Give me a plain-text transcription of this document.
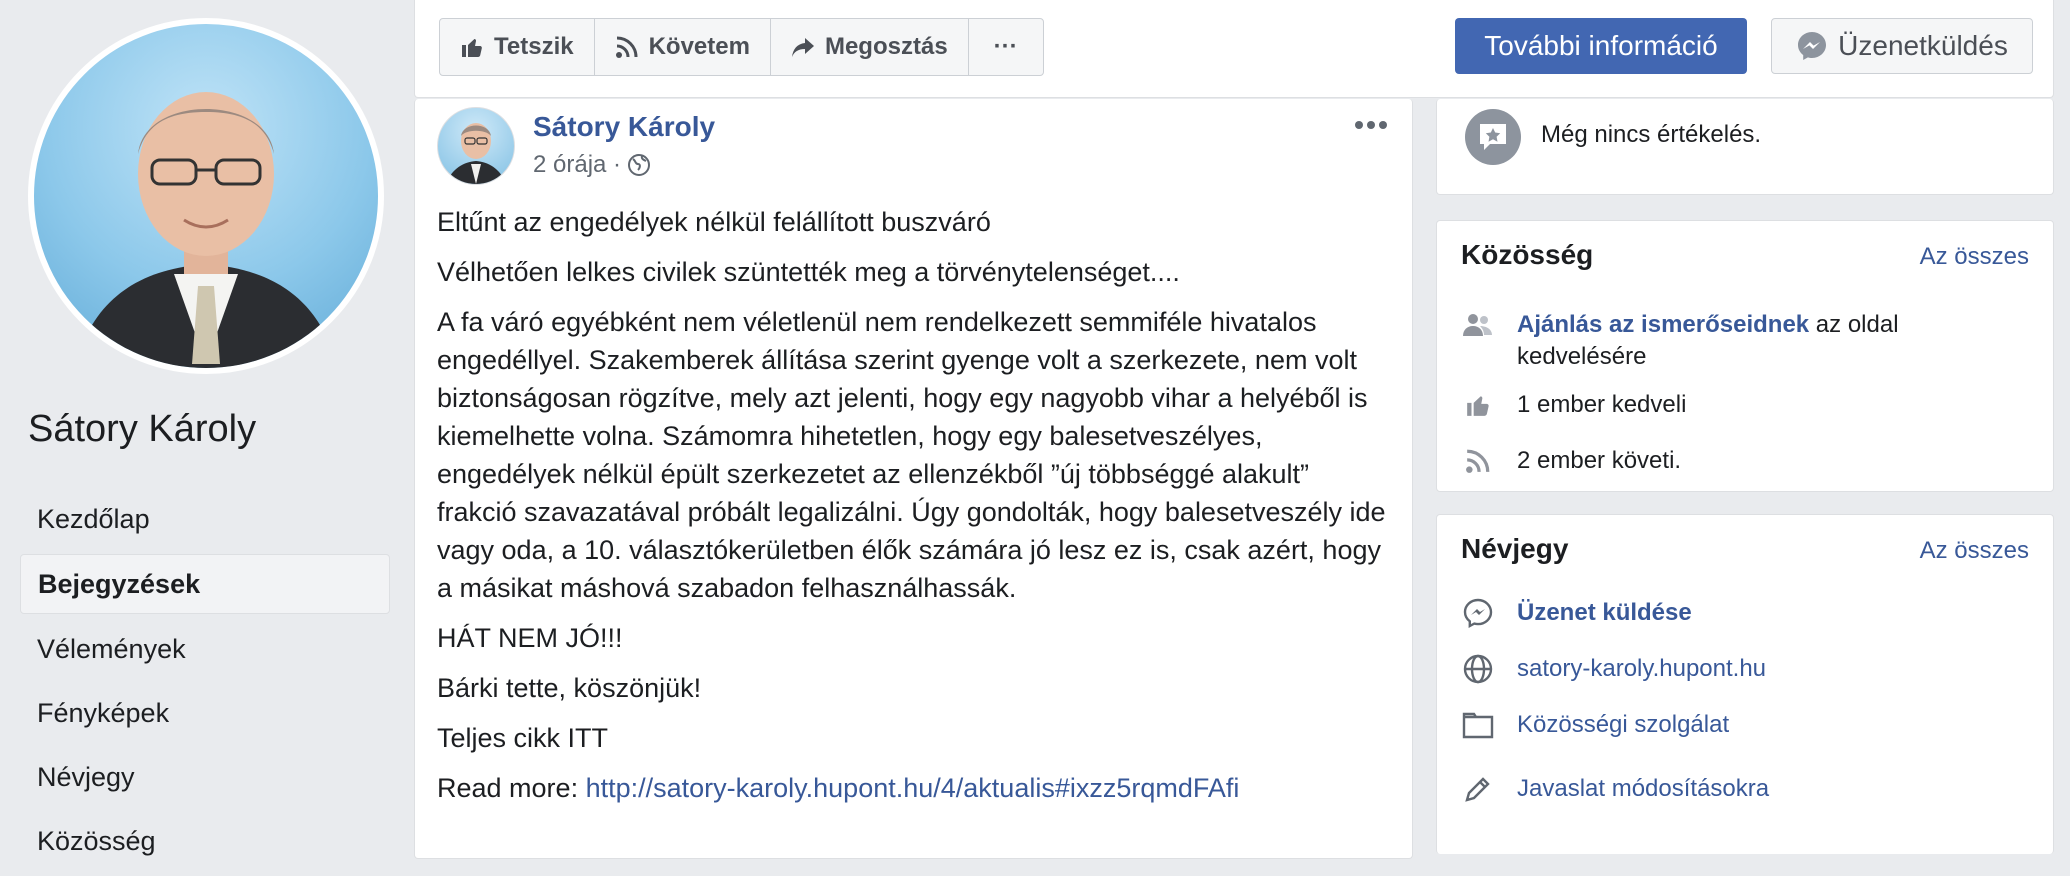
Sátory Károly
Kezdőlap
Bejegyzések
Vélemények
Fényképek
Névjegy
Közösség
Tetszik	Követem	Megosztás ···	További információ	Üzenetküldés
Sátory Károly
2 órája ·

Eltűnt az engedélyek nélkül felállított buszváró

Vélhetően lelkes civilek szüntették meg a törvénytelenséget....

A fa váró egyébként nem véletlenül nem rendelkezett semmiféle hivatalos engedéllyel. Szakemberek állítása szerint gyenge volt a szerkezete, nem volt biztonságosan rögzítve, mely azt jelenti, hogy egy nagyobb vihar a helyéből is kiemelhette volna. Számomra hihetetlen, hogy egy balesetveszélyes, engedélyek nélkül épült szerkezetet az ellenzékből ”új többséggé alakult” frakció szavazatával próbált legalizálni. Úgy gondolták, hogy balesetveszély ide vagy oda, a 10. választókerületben élők számára jó lesz ez is, csak azért, hogy a másikat máshová szabadon felhasználhassák.

HÁT NEM JÓ!!!

Bárki tette, köszönjük!

Teljes cikk ITT

Read more: http://satory-karoly.hupont.hu/4/aktualis#ixzz5rqmdFAfi

Még nincs értékelés.
Közösség	Az összes
Ajánlás az ismerőseidnek az oldal kedvelésére
1 ember kedveli
2 ember követi.
Névjegy	Az összes
Üzenet küldése
satory-karoly.hupont.hu
Közösségi szolgálat
Javaslat módosításokra
